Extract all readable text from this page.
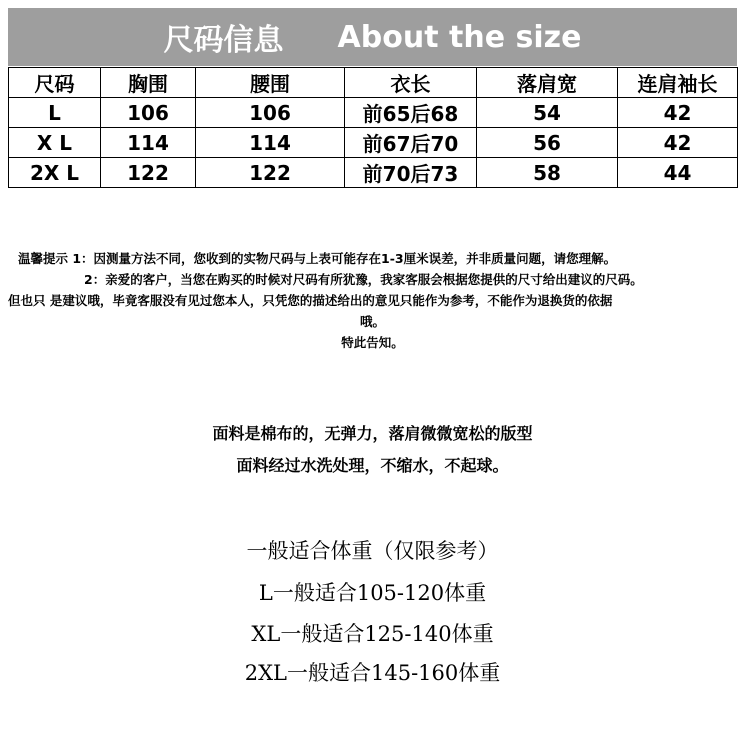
尺码信息 About the size
尺码	胸围	腰围	衣长	落肩宽	连肩袖长
L	106	106	前65后68	54	42
X L	114	114	前67后70	56	42
2X L	122	122	前70后73	58	44
温馨提示 1：因测量方法不同，您收到的实物尺码与上表可能存在1-3厘米误差，并非质量问题，请您理解。
2：亲爱的客户，当您在购买的时候对尺码有所犹豫，我家客服会根据您提供的尺寸给出建议的尺码。
但也只 是建议哦，毕竟客服没有见过您本人，只凭您的描述给出的意见只能作为参考，不能作为退换货的依据
哦。
特此告知。
面料是棉布的，无弹力，落肩微微宽松的版型
面料经过水洗处理，不缩水，不起球。
一般适合体重（仅限参考）
L一般适合105-120体重
XL一般适合125-140体重
2XL一般适合145-160体重
